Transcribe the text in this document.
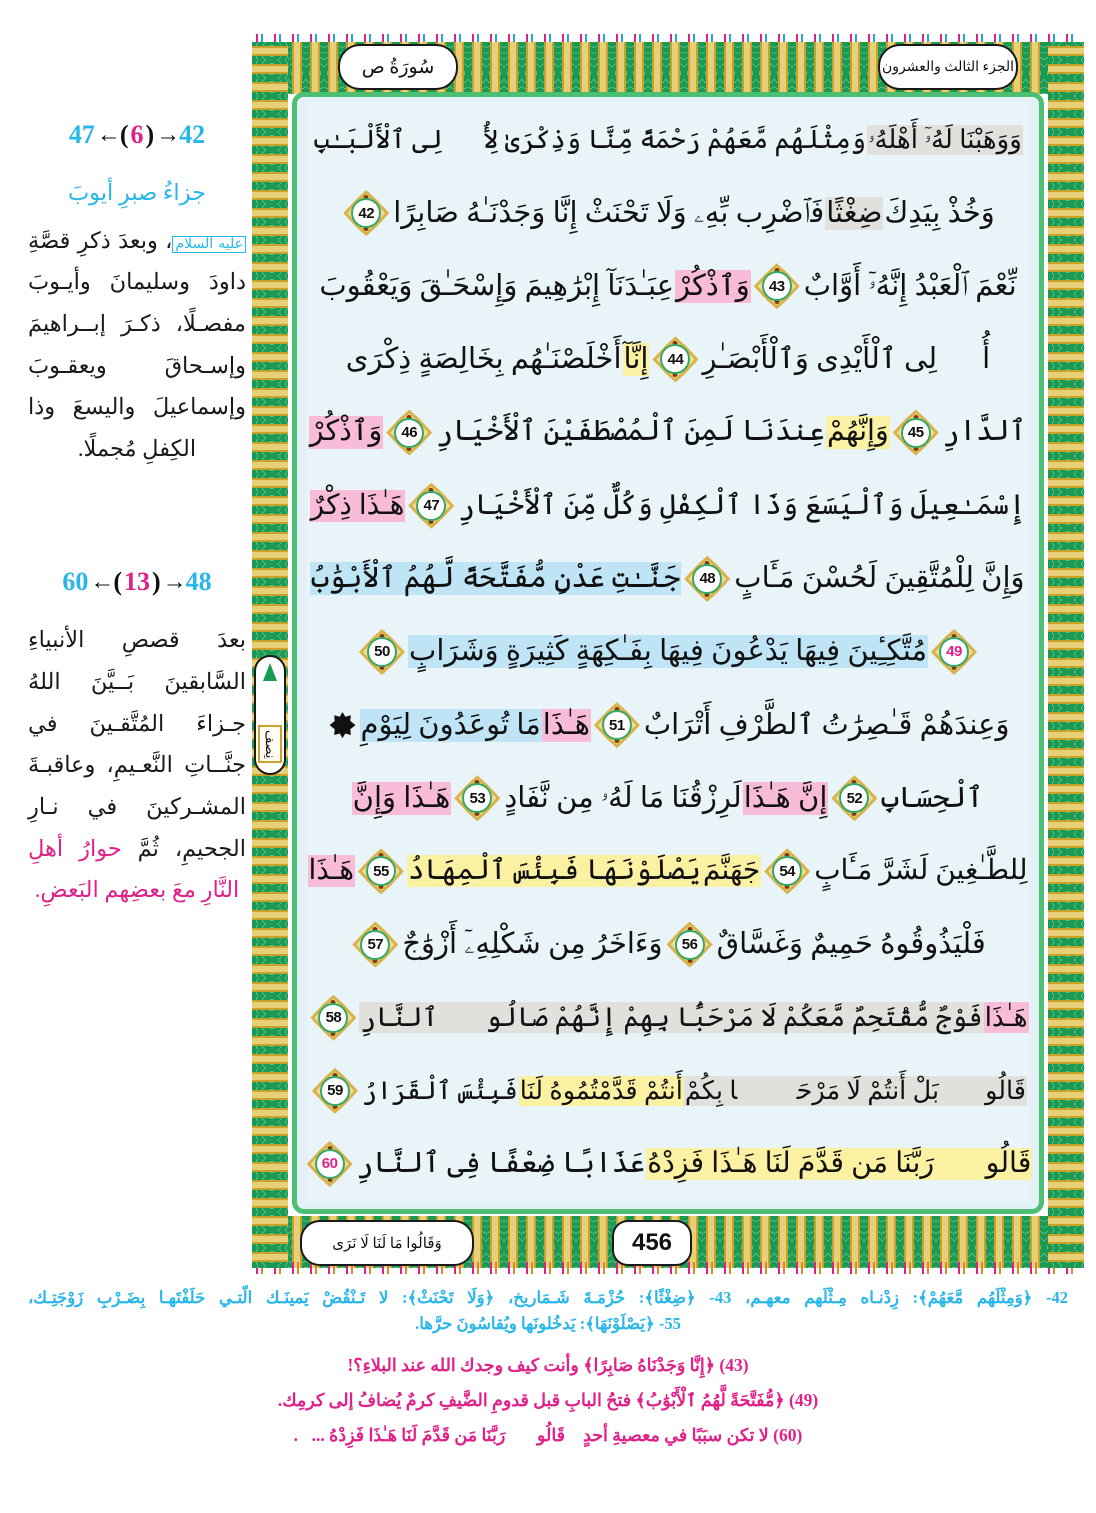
سُورَةُ ص	الجزء الثالث والعشرون
نِصف
وَوَهَبْنَا لَهُۥٓ أَهْلَهُۥ
وَمِثْلَهُم مَّعَهُمْ رَحْمَةً مِّنَّا وَذِكْرَىٰ لِأُو۟لِى ٱلْأَلْبَـٰبِ
وَخُذْ بِيَدِكَ
ضِغْثًا
فَٱضْرِب بِّهِۦ وَلَا تَحْنَثْ إِنَّا وَجَدْنَـٰهُ صَابِرًا
42
نِّعْمَ ٱلْعَبْدُ إِنَّهُۥٓ أَوَّابٌ
43
وَٱذْكُرْ
عِبَـٰدَنَآ إِبْرَٰهِيمَ وَإِسْحَـٰقَ وَيَعْقُوبَ
أُو۟لِى ٱلْأَيْدِى وَٱلْأَبْصَـٰرِ
44
إِنَّآ
أَخْلَصْنَـٰهُم بِخَالِصَةٍ ذِكْرَى
ٱلدَّارِ
45
وَإِنَّهُمْ
عِندَنَا لَمِنَ ٱلْمُصْطَفَيْنَ ٱلْأَخْيَارِ
46
وَٱذْكُرْ
إِسْمَـٰعِيلَ وَٱلْيَسَعَ وَذَا ٱلْكِفْلِ وَكُلٌّ مِّنَ ٱلْأَخْيَارِ
47
هَـٰذَا ذِكْرٌ
وَإِنَّ لِلْمُتَّقِينَ لَحُسْنَ مَـَٔابٍ
48
جَنَّـٰتِ عَدْنٍ مُّفَتَّحَةً لَّهُمُ ٱلْأَبْوَٰبُ
49
مُتَّكِـِٔينَ فِيهَا يَدْعُونَ فِيهَا بِفَـٰكِهَةٍ كَثِيرَةٍ وَشَرَابٍ
50
وَعِندَهُمْ قَـٰصِرَٰتُ ٱلطَّرْفِ أَتْرَابٌ
51
هَـٰذَا
مَا تُوعَدُونَ لِيَوْمِ
ٱلْحِسَابِ
52
إِنَّ هَـٰذَا
لَرِزْقُنَا مَا لَهُۥ مِن نَّفَادٍ
53
هَـٰذَا وَإِنَّ
لِلطَّـٰغِينَ لَشَرَّ مَـَٔابٍ
54
جَهَنَّمَ
يَصْلَوْنَهَا فَبِئْسَ ٱلْمِهَادُ
55
هَـٰذَا
فَلْيَذُوقُوهُ حَمِيمٌ وَغَسَّاقٌ
56
وَءَاخَرُ مِن شَكْلِهِۦٓ أَزْوَٰجٌ
57
هَـٰذَا
فَوْجٌ مُّقْتَحِمٌ مَّعَكُمْ لَا مَرْحَبًۢا بِهِمْ إِنَّهُمْ صَالُوا۟ ٱلنَّارِ
58
قَالُوا۟ بَلْ أَنتُمْ لَا مَرْحَبًۢا بِكُمْ
أَنتُمْ قَدَّمْتُمُوهُ لَنَا
فَبِئْسَ ٱلْقَرَارُ
59
قَالُوا۟ رَبَّنَا مَن قَدَّمَ لَنَا هَـٰذَا فَزِدْهُ
عَذَابًا ضِعْفًا فِى ٱلنَّارِ
60
وَقَالُوا مَا لَنَا لَا نَرَى	456
47 ← ( 6 ) → 42
جزاءُ صبرِ أيوبَ
عليه السلام، وبعدَ ذكرِ قصَّةِ داودَ وسليمانَ وأيـوبَ مفصـلًا، ذكـرَ إبــراهيمَ وإسـحاقَ ويعقـوبَ وإسماعيلَ واليسعَ وذا الكِفلِ مُجملًا.
60 ← ( 13 ) → 48
بعدَ قصصِ الأنبياءِ السَّابقينَ بَــيَّنَ اللهُ جـزاءَ المُتَّقـينَ في جنَّــاتِ النَّعـيمِ، وعاقبـةَ المشـركينَ في نـارِ الجحيمِ، ثُمَّ حوارُ أهلِ النَّارِ معَ بعضِهم البَعضِ.
42- ﴿وَمِثْلَهُم مَّعَهُمْ﴾: زِدْنـاه مِـثْلَهم معهـم، 43- ﴿ضِغْثًا﴾: حُزْمَـةَ شَـمَاريخ، ﴿وَلَا تَحْنَثْ﴾: لا تَـنْقُضْ يَمينَـك الّتـي حَلَفْتَهـا بِضَـرْبِ زَوْجَتِـك،
55- ﴿يَصْلَوْنَهَا﴾: يَدخُلونَها ويُقاسُونَ حرَّها.
(43) ﴿إِنَّا وَجَدْنَاهُ صَابِرًا﴾ وأنت كيف وجدك الله عند البلاءِ؟!
(49) ﴿مُّفَتَّحَةً لَّهُمُ ٱلْأَبْوَٰبُ﴾ فتحُ البابِ قبل قدومِ الضَّيفِ كرمٌ يُضافُ إلى كرمِك.
(60) لا تكن سبَبًا في معصيةِ أحدٍ ﴿قَالُوا۟ رَبَّنَا مَن قَدَّمَ لَنَا هَـٰذَا فَزِدْهُ ...﴾.
